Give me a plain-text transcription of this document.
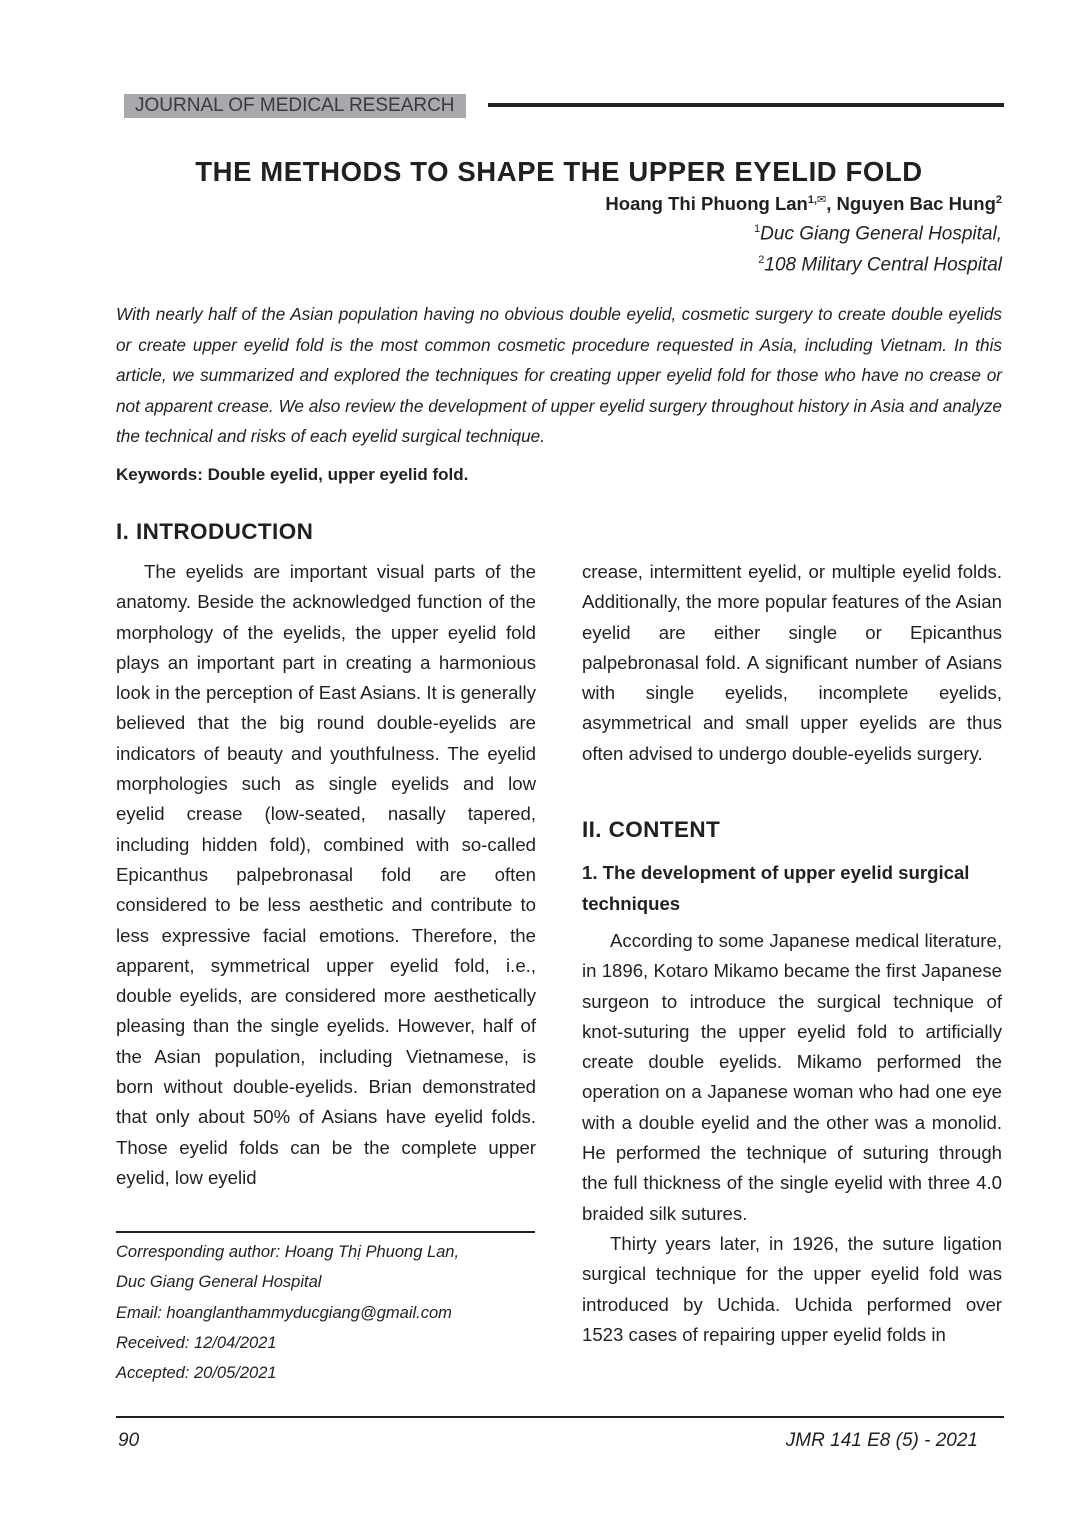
JOURNAL OF MEDICAL RESEARCH
THE METHODS TO SHAPE THE UPPER EYELID FOLD
Hoang Thi Phuong Lan$^{1,✉}$, Nguyen Bac Hung$^2$
$^1$Duc Giang General Hospital,
$^2$108 Military Central Hospital
With nearly half of the Asian population having no obvious double eyelid, cosmetic surgery to create double eyelids or create upper eyelid fold is the most common cosmetic procedure requested in Asia, including Vietnam. In this article, we summarized and explored the techniques for creating upper eyelid fold for those who have no crease or not apparent crease. We also review the development of upper eyelid surgery throughout history in Asia and analyze the technical and risks of each eyelid surgical technique.
Keywords: Double eyelid, upper eyelid fold.
I. INTRODUCTION

The eyelids are important visual parts of the anatomy. Beside the acknowledged function of the morphology of the eyelids, the upper eyelid fold plays an important part in creating a harmonious look in the perception of East Asians. It is generally believed that the big round double-eyelids are indicators of beauty and youthfulness. The eyelid morphologies such as single eyelids and low eyelid crease (low-seated, nasally tapered, including hidden fold), combined with so-called Epicanthus palpebronasal fold are often considered to be less aesthetic and contribute to less expressive facial emotions. Therefore, the apparent, symmetrical upper eyelid fold, i.e., double eyelids, are considered more aesthetically pleasing than the single eyelids. However, half of the Asian population, including Vietnamese, is born without double-eyelids. Brian demonstrated that only about 50% of Asians have eyelid folds. Those eyelid folds can be the complete upper eyelid, low eyelid

crease, intermittent eyelid, or multiple eyelid folds. Additionally, the more popular features of the Asian eyelid are either single or Epicanthus palpebronasal fold. A significant number of Asians with single eyelids, incomplete eyelids, asymmetrical and small upper eyelids are thus often advised to undergo double-eyelids surgery.

II. CONTENT
1. The development of upper eyelid surgical techniques

According to some Japanese medical literature, in 1896, Kotaro Mikamo became the first Japanese surgeon to introduce the surgical technique of knot-suturing the upper eyelid fold to artificially create double eyelids. Mikamo performed the operation on a Japanese woman who had one eye with a double eyelid and the other was a monolid. He performed the technique of suturing through the full thickness of the single eyelid with three 4.0 braided silk sutures.

Thirty years later, in 1926, the suture ligation surgical technique for the upper eyelid fold was introduced by Uchida. Uchida performed over 1523 cases of repairing upper eyelid folds in

Corresponding author: Hoang Thị Phuong Lan,
Duc Giang General Hospital
Email: hoanglanthammyducgiang@gmail.com
Received: 12/04/2021
Accepted: 20/05/2021
90	JMR 141 E8 (5) - 2021
